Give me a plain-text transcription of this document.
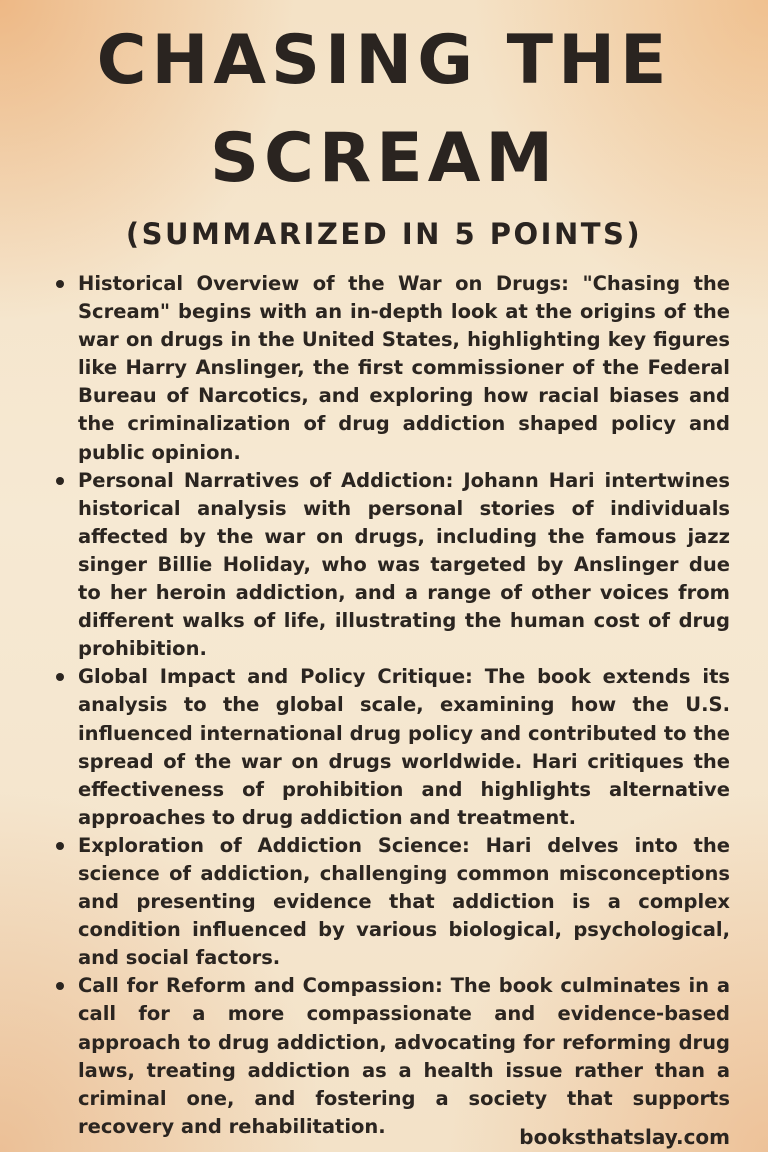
CHASING THE
SCREAM
(SUMMARIZED IN 5 POINTS)
Historical Overview of the War on Drugs: "Chasing the Scream" begins with an in-depth look at the origins of the war on drugs in the United States, highlighting key figures like Harry Anslinger, the first commissioner of the Federal Bureau of Narcotics, and exploring how racial biases and the criminalization of drug addiction shaped policy and public opinion.
Personal Narratives of Addiction: Johann Hari intertwines historical analysis with personal stories of individuals affected by the war on drugs, including the famous jazz singer Billie Holiday, who was targeted by Anslinger due to her heroin addiction, and a range of other voices from different walks of life, illustrating the human cost of drug prohibition.
Global Impact and Policy Critique: The book extends its analysis to the global scale, examining how the U.S. influenced international drug policy and contributed to the spread of the war on drugs worldwide. Hari critiques the effectiveness of prohibition and highlights alternative approaches to drug addiction and treatment.
Exploration of Addiction Science: Hari delves into the science of addiction, challenging common misconceptions and presenting evidence that addiction is a complex condition influenced by various biological, psychological, and social factors.
Call for Reform and Compassion: The book culminates in a call for a more compassionate and evidence-based approach to drug addiction, advocating for reforming drug laws, treating addiction as a health issue rather than a criminal one, and fostering a society that supports recovery and rehabilitation.	booksthatslay.com
